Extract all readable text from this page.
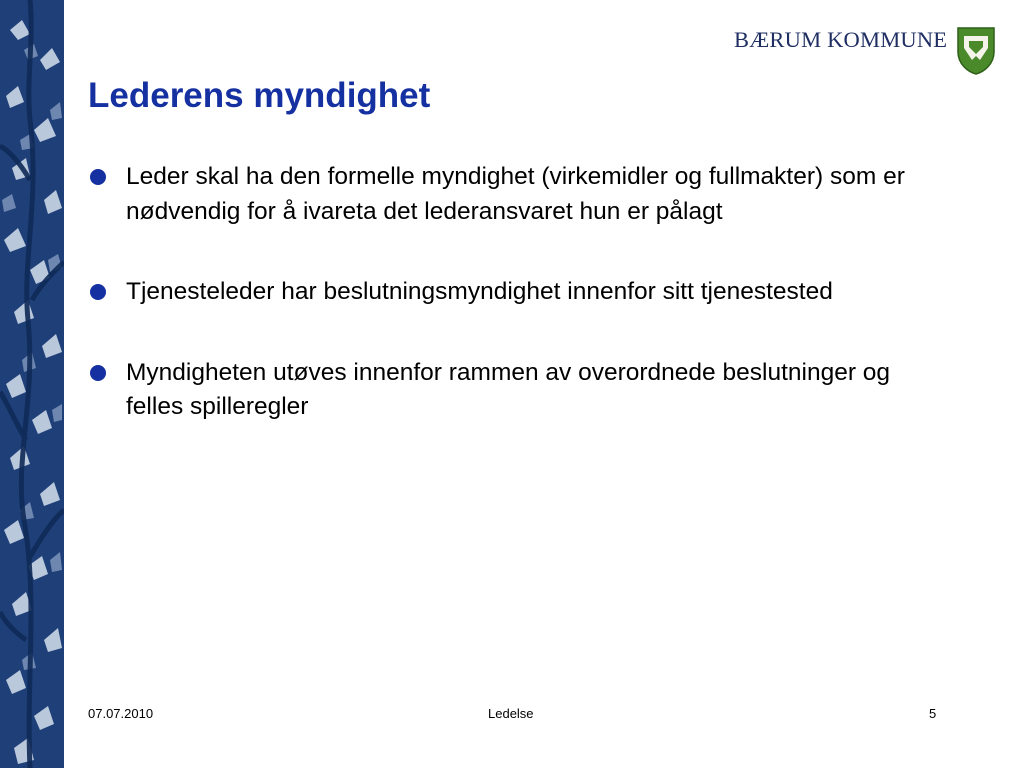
BÆRUM KOMMUNE
Lederens myndighet
Leder skal ha den formelle myndighet (virkemidler og fullmakter) som er nødvendig for å ivareta det lederansvaret hun er pålagt
Tjenesteleder har beslutningsmyndighet innenfor sitt tjenestested
Myndigheten utøves innenfor rammen av overordnede beslutninger og felles spilleregler
07.07.2010	Ledelse	5
